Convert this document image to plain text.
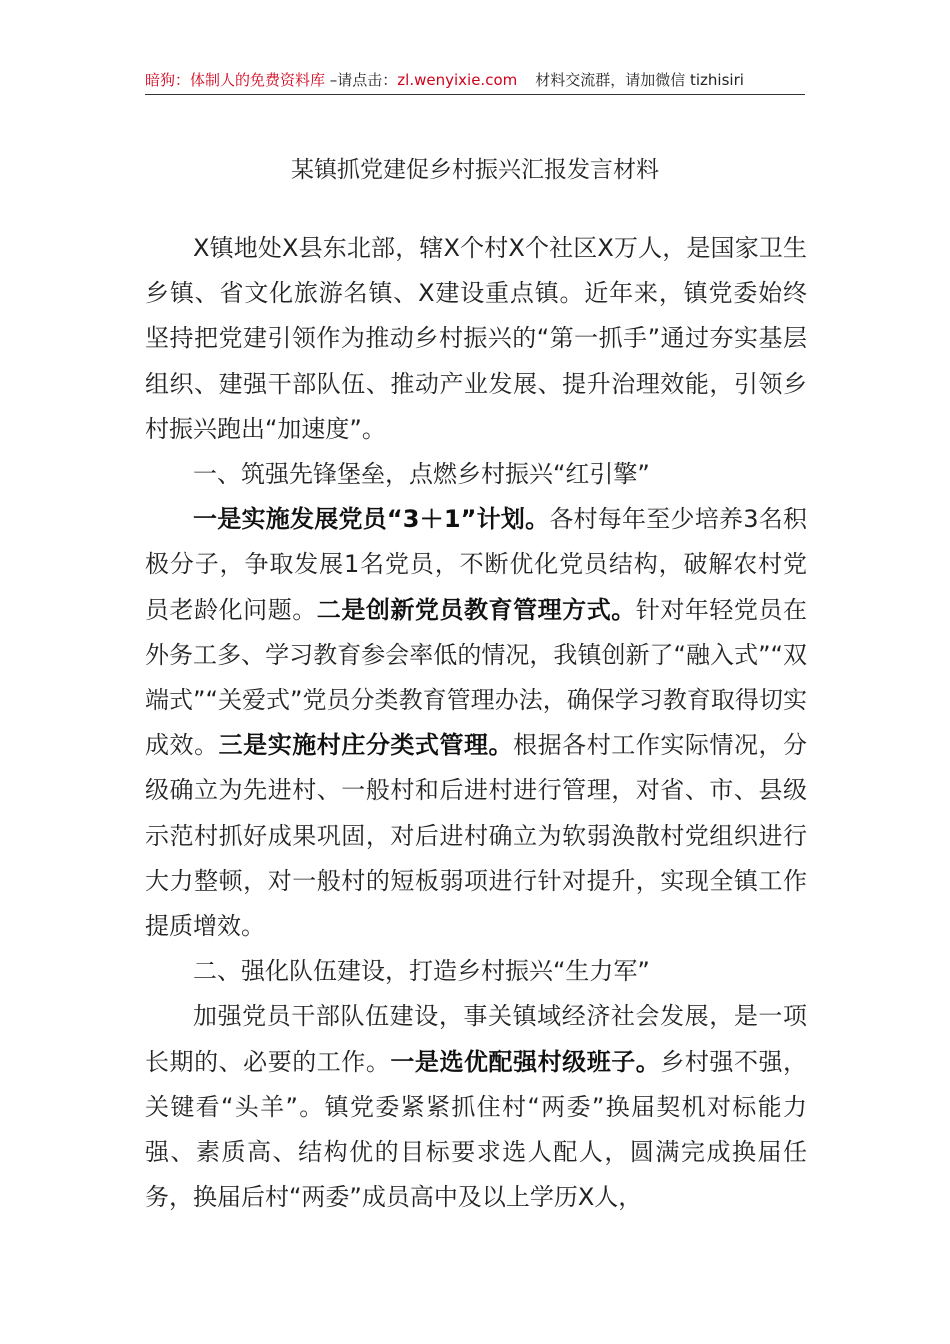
暗狗：体制人的免费资料库 –请点击：zl.wenyixie.com 材料交流群，请加微信 tizhisiri
某镇抓党建促乡村振兴汇报发言材料

X镇地处X县东北部，辖X个村X个社区X万人，是国家卫生乡镇、省文化旅游名镇、X建设重点镇。近年来，镇党委始终坚持把党建引领作为推动乡村振兴的“第一抓手”通过夯实基层组织、建强干部队伍、推动产业发展、提升治理效能，引领乡村振兴跑出“加速度”。

一、筑强先锋堡垒，点燃乡村振兴“红引擎”

一是实施发展党员“3＋1”计划。各村每年至少培养3名积极分子，争取发展1名党员，不断优化党员结构，破解农村党员老龄化问题。二是创新党员教育管理方式。针对年轻党员在外务工多、学习教育参会率低的情况，我镇创新了“融入式”“双端式”“关爱式”党员分类教育管理办法，确保学习教育取得切实成效。三是实施村庄分类式管理。根据各村工作实际情况，分级确立为先进村、一般村和后进村进行管理，对省、市、县级示范村抓好成果巩固，对后进村确立为软弱涣散村党组织进行大力整顿，对一般村的短板弱项进行针对提升，实现全镇工作提质增效。

二、强化队伍建设，打造乡村振兴“生力军”

加强党员干部队伍建设，事关镇域经济社会发展，是一项长期的、必要的工作。一是选优配强村级班子。乡村强不强，关键看“头羊”。镇党委紧紧抓住村“两委”换届契机对标能力强、素质高、结构优的目标要求选人配人，圆满完成换届任务，换届后村“两委”成员高中及以上学历X人，
